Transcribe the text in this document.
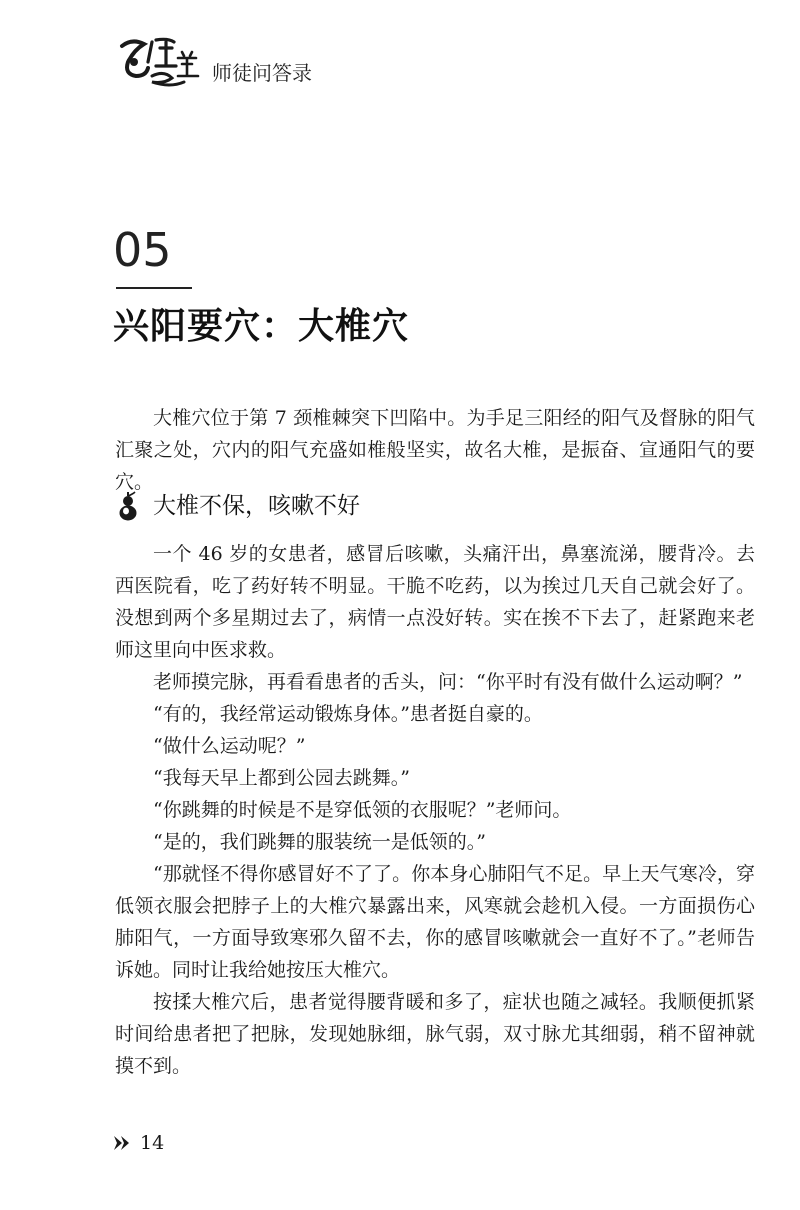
师徒问答录
05
兴阳要穴：大椎穴

大椎穴位于第 7 颈椎棘突下凹陷中。为手足三阳经的阳气及督脉的阳气汇聚之处，穴内的阳气充盛如椎般坚实，故名大椎，是振奋、宣通阳气的要穴。

大椎不保，咳嗽不好

一个 46 岁的女患者，感冒后咳嗽，头痛汗出，鼻塞流涕，腰背冷。去西医院看，吃了药好转不明显。干脆不吃药，以为挨过几天自己就会好了。没想到两个多星期过去了，病情一点没好转。实在挨不下去了，赶紧跑来老师这里向中医求救。

老师摸完脉，再看看患者的舌头，问：“你平时有没有做什么运动啊？”

“有的，我经常运动锻炼身体。”患者挺自豪的。

“做什么运动呢？”

“我每天早上都到公园去跳舞。”

“你跳舞的时候是不是穿低领的衣服呢？”老师问。

“是的，我们跳舞的服装统一是低领的。”

“那就怪不得你感冒好不了了。你本身心肺阳气不足。早上天气寒冷，穿低领衣服会把脖子上的大椎穴暴露出来，风寒就会趁机入侵。一方面损伤心肺阳气，一方面导致寒邪久留不去，你的感冒咳嗽就会一直好不了。”老师告诉她。同时让我给她按压大椎穴。

按揉大椎穴后，患者觉得腰背暖和多了，症状也随之减轻。我顺便抓紧时间给患者把了把脉，发现她脉细，脉气弱，双寸脉尤其细弱，稍不留神就摸不到。

14
